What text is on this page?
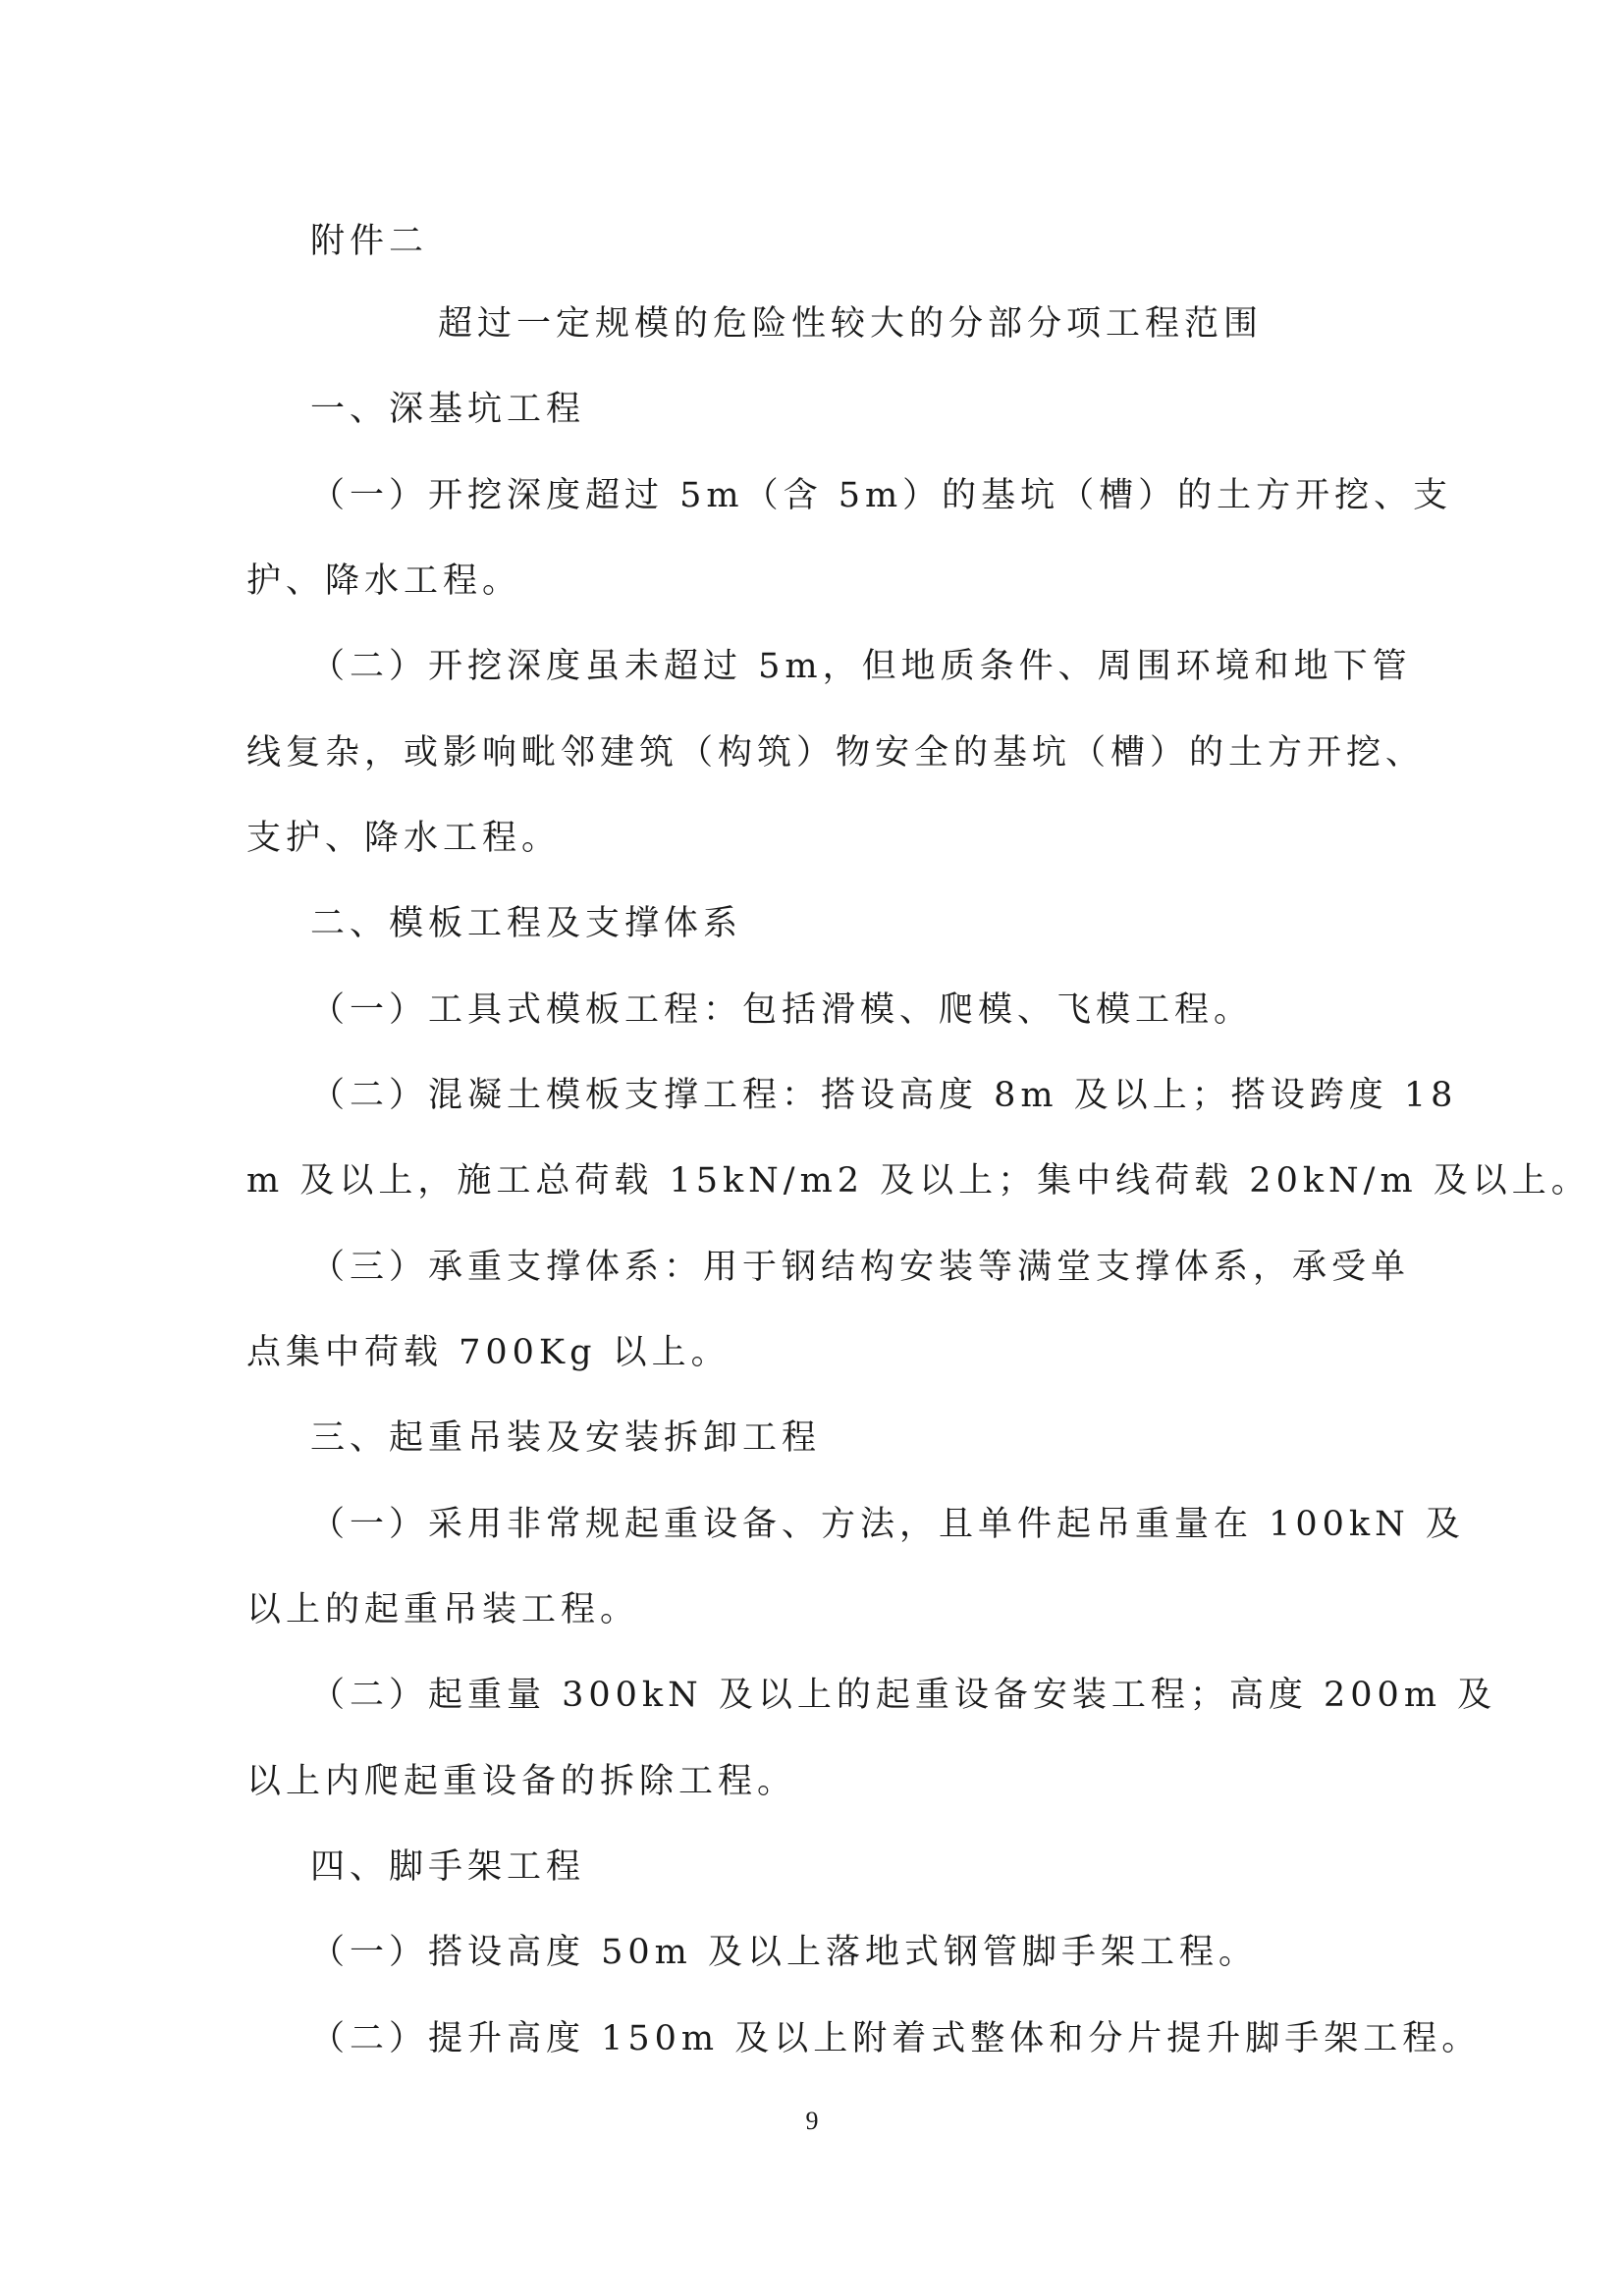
附件二
超过一定规模的危险性较大的分部分项工程范围
一、深基坑工程
（一）开挖深度超过 5m（含 5m）的基坑（槽）的土方开挖、支
护、降水工程。
（二）开挖深度虽未超过 5m，但地质条件、周围环境和地下管
线复杂，或影响毗邻建筑（构筑）物安全的基坑（槽）的土方开挖、
支护、降水工程。
二、模板工程及支撑体系
（一）工具式模板工程：包括滑模、爬模、飞模工程。
（二）混凝土模板支撑工程：搭设高度 8m 及以上；搭设跨度 18
m 及以上，施工总荷载 15kN/m2 及以上；集中线荷载 20kN/m 及以上。
（三）承重支撑体系：用于钢结构安装等满堂支撑体系，承受单
点集中荷载 700Kg 以上。
三、起重吊装及安装拆卸工程
（一）采用非常规起重设备、方法，且单件起吊重量在 100kN 及
以上的起重吊装工程。
（二）起重量 300kN 及以上的起重设备安装工程；高度 200m 及
以上内爬起重设备的拆除工程。
四、脚手架工程
（一）搭设高度 50m 及以上落地式钢管脚手架工程。
（二）提升高度 150m 及以上附着式整体和分片提升脚手架工程。
9
